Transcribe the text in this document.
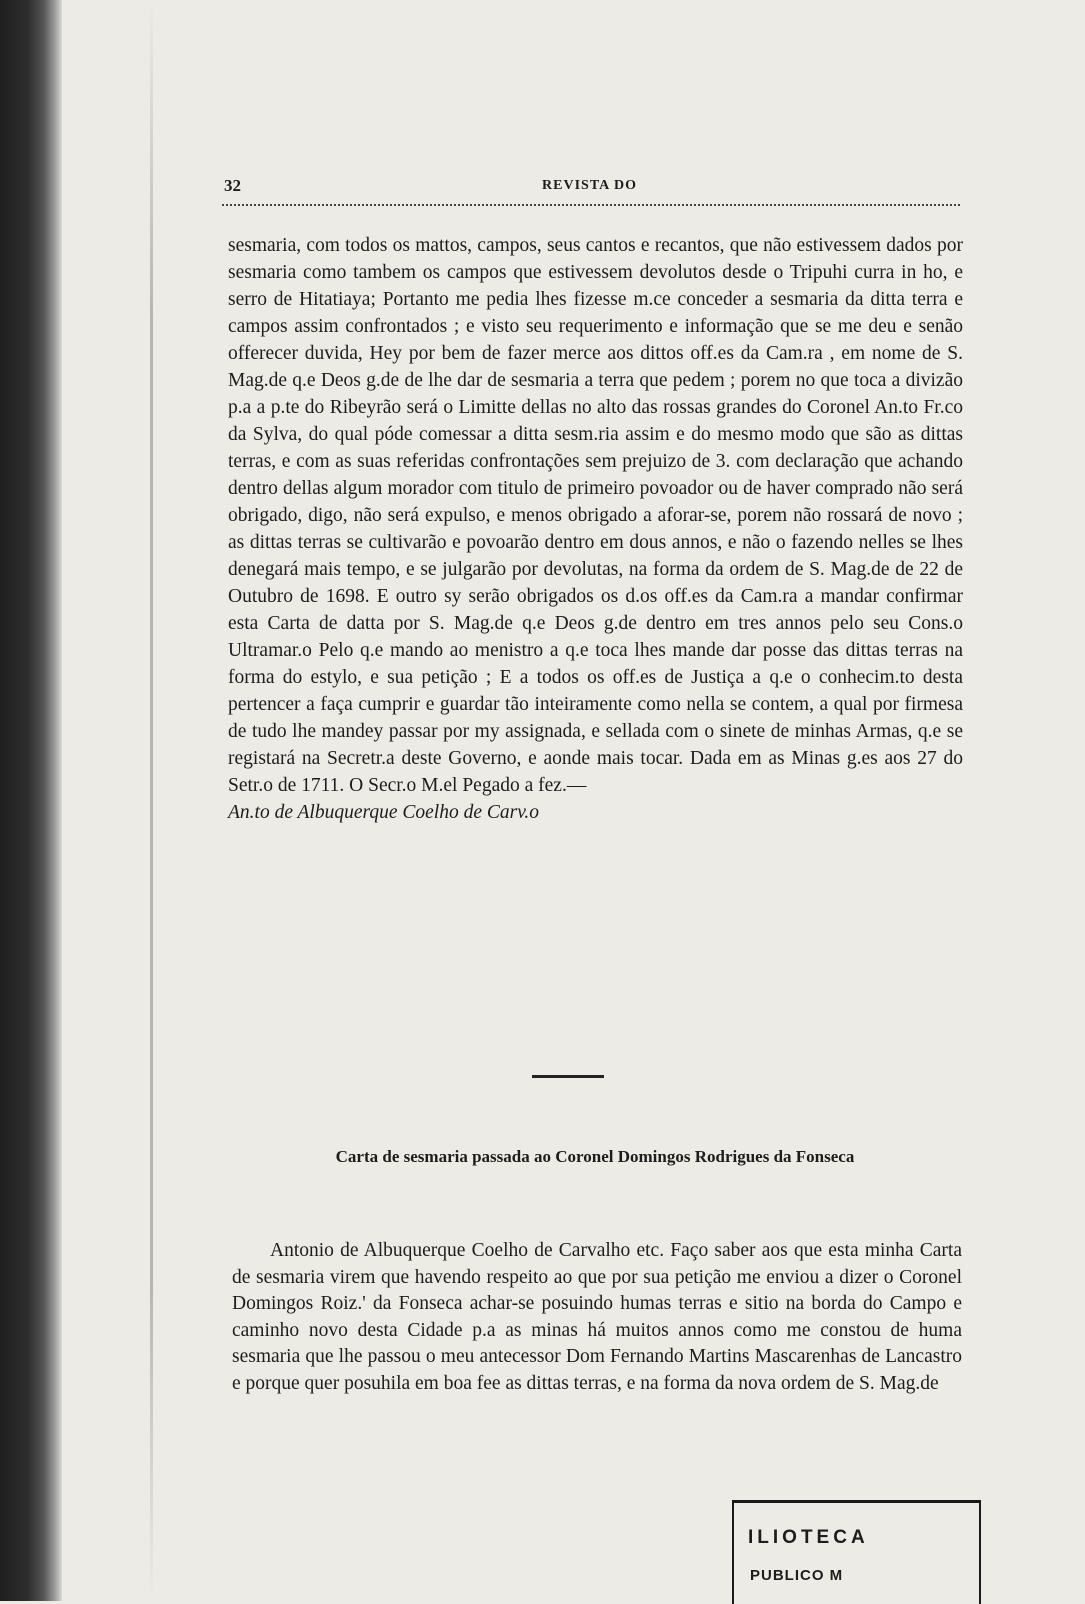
32	REVISTA DO

sesmaria, com todos os mattos, campos, seus cantos e recantos, que não estivessem dados por sesmaria como tambem os campos que estivessem devolutos desde o Tripuhi curra in ho, e serro de Hitatiaya; Portanto me pedia lhes fizesse m.ce conceder a sesmaria da ditta terra e campos assim confrontados ; e visto seu requerimento e informação que se me deu e senão offerecer duvida, Hey por bem de fazer merce aos dittos off.es da Cam.ra , em nome de S. Mag.de q.e Deos g.de de lhe dar de sesmaria a terra que pedem ; porem no que toca a divizão p.a a p.te do Ribeyrão será o Limitte dellas no alto das rossas grandes do Coronel An.to Fr.co da Sylva, do qual póde comessar a ditta sesm.ria assim e do mesmo modo que são as dittas terras, e com as suas referidas confrontações sem prejuizo de 3. com declaração que achando dentro dellas algum morador com titulo de primeiro povoador ou de haver comprado não será obrigado, digo, não será expulso, e menos obrigado a aforar-se, porem não rossará de novo ; as dittas terras se cultivarão e povoarão dentro em dous annos, e não o fazendo nelles se lhes denegará mais tempo, e se julgarão por devolutas, na forma da ordem de S. Mag.de de 22 de Outubro de 1698. E outro sy serão obrigados os d.os off.es da Cam.ra a mandar confirmar esta Carta de datta por S. Mag.de q.e Deos g.de dentro em tres annos pelo seu Cons.o Ultramar.o Pelo q.e mando ao menistro a q.e toca lhes mande dar posse das dittas terras na forma do estylo, e sua petição ; E a todos os off.es de Justiça a q.e o conhecim.to desta pertencer a faça cumprir e guardar tão inteiramente como nella se contem, a qual por firmesa de tudo lhe mandey passar por my assignada, e sellada com o sinete de minhas Armas, q.e se registará na Secretr.a deste Governo, e aonde mais tocar. Dada em as Minas g.es aos 27 do Setr.o de 1711. O Secr.o M.el Pegado a fez.—

An.to de Albuquerque Coelho de Carv.o
Carta de sesmaria passada ao Coronel Domingos Rodrigues da Fonseca

Antonio de Albuquerque Coelho de Carvalho etc. Faço saber aos que esta minha Carta de sesmaria virem que havendo respeito ao que por sua petição me enviou a dizer o Coronel Domingos Roiz.' da Fonseca achar-se posuindo humas terras e sitio na borda do Campo e caminho novo desta Cidade p.a as minas há muitos annos como me constou de huma sesmaria que lhe passou o meu antecessor Dom Fernando Martins Mascarenhas de Lancastro e porque quer posuhila em boa fee as dittas terras, e na forma da nova ordem de S. Mag.de

ILIOTECA
PUBLICO M
